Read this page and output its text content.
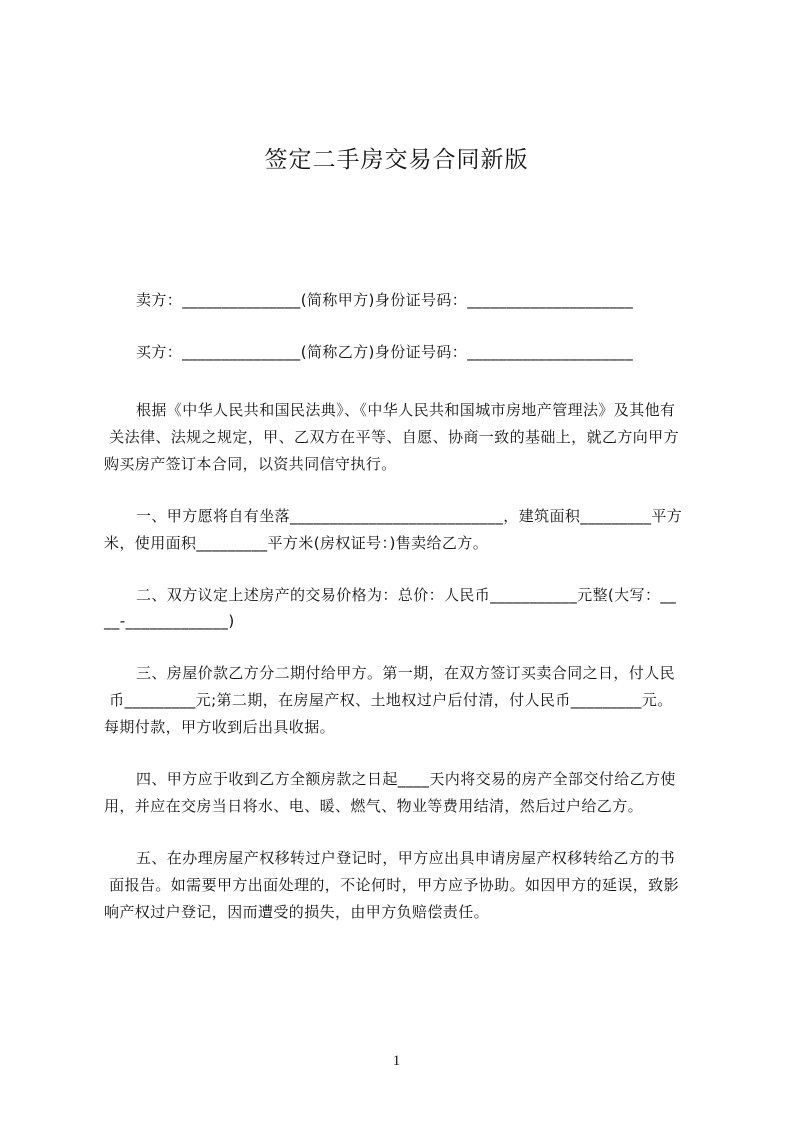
签定二手房交易合同新版
卖方：_______________(简称甲方)身份证号码：_____________________
买方：_______________(简称乙方)身份证号码：_____________________
根据《中华人民共和国民法典》、《中华人民共和国城市房地产管理法》及其他有
关法律、法规之规定，甲、乙双方在平等、自愿、协商一致的基础上，就乙方向甲方
购买房产签订本合同，以资共同信守执行。
一、甲方愿将自有坐落___________________________，建筑面积_________平方
米，使用面积_________平方米(房权证号：)售卖给乙方。
二、双方议定上述房产的交易价格为：总价：人民币___________元整(大写：__
__-_____________)
三、房屋价款乙方分二期付给甲方。第一期，在双方签订买卖合同之日，付人民
币_________元;第二期，在房屋产权、土地权过户后付清，付人民币_________元。
每期付款，甲方收到后出具收据。
四、甲方应于收到乙方全额房款之日起____天内将交易的房产全部交付给乙方使
用，并应在交房当日将水、电、暖、燃气、物业等费用结清，然后过户给乙方。
五、在办理房屋产权移转过户登记时，甲方应出具申请房屋产权移转给乙方的书
面报告。如需要甲方出面处理的，不论何时，甲方应予协助。如因甲方的延误，致影
响产权过户登记，因而遭受的损失，由甲方负赔偿责任。
1
